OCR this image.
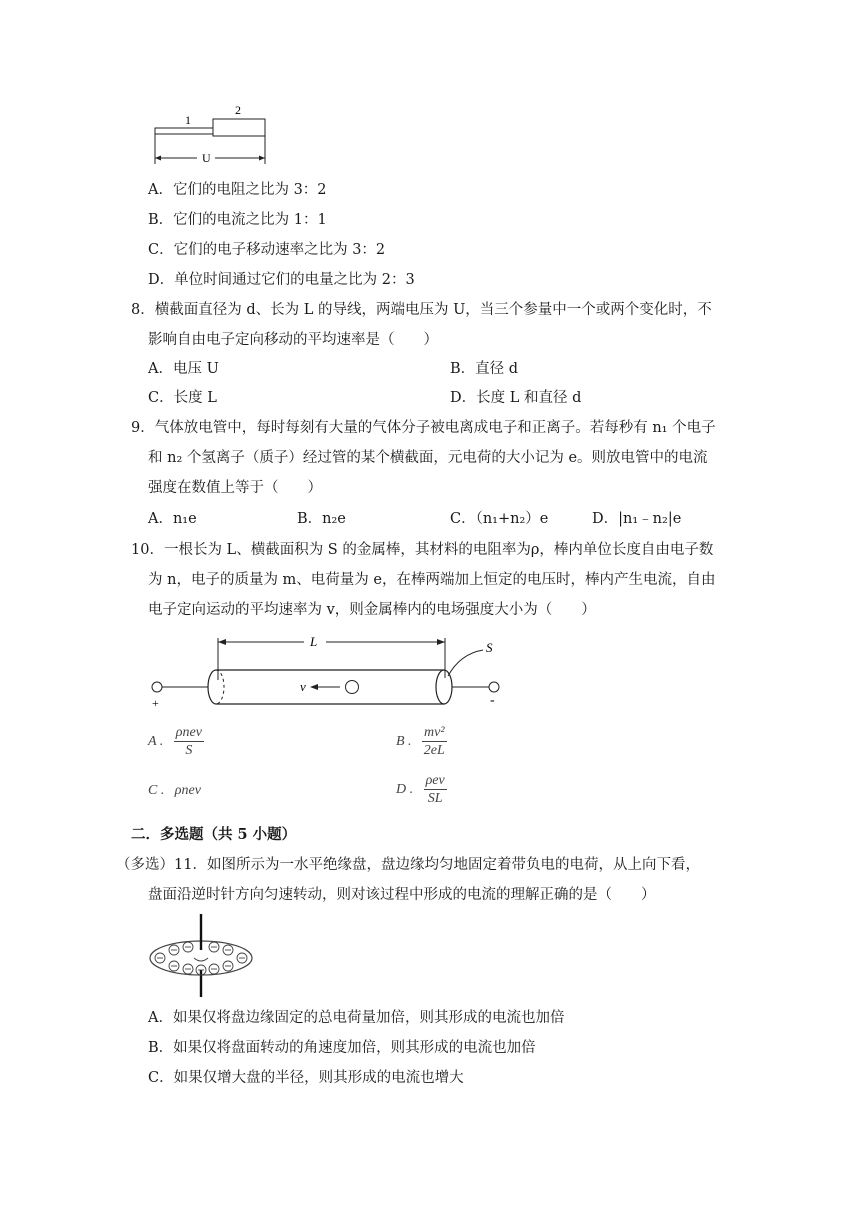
1
2
U
A．它们的电阻之比为 3：2
B．它们的电流之比为 1：1
C．它们的电子移动速率之比为 3：2
D．单位时间通过它们的电量之比为 2：3
8．横截面直径为 d、长为 L 的导线，两端电压为 U，当三个参量中一个或两个变化时，不
影响自由电子定向移动的平均速率是（　　）
A．电压 U	B．直径 d
C．长度 L	D．长度 L 和直径 d
9．气体放电管中，每时每刻有大量的气体分子被电离成电子和正离子。若每秒有 n₁ 个电子
和 n₂ 个氢离子（质子）经过管的某个横截面，元电荷的大小记为 e。则放电管中的电流
强度在数值上等于（　　）
A．n₁e	B．n₂e	C．（n₁+n₂）e	D．|n₁﹣n₂|e
10．一根长为 L、横截面积为 S 的金属棒，其材料的电阻率为ρ，棒内单位长度自由电子数
为 n，电子的质量为 m、电荷量为 e，在棒两端加上恒定的电压时，棒内产生电流，自由
电子定向运动的平均速率为 v，则金属棒内的电场强度大小为（　　）
L	S
+	-
v
A . $\frac{\text{ρnev}}{S}$	B . $\frac{\text{mv²}}{2eL}$
C . ρnev	D . $\frac{\text{ρev}}{SL}$
二．多选题（共 5 小题）
（多选）11．如图所示为一水平绝缘盘，盘边缘均匀地固定着带负电的电荷，从上向下看，
盘面沿逆时针方向匀速转动，则对该过程中形成的电流的理解正确的是（　　）
A．如果仅将盘边缘固定的总电荷量加倍，则其形成的电流也加倍
B．如果仅将盘面转动的角速度加倍，则其形成的电流也加倍
C．如果仅增大盘的半径，则其形成的电流也增大
